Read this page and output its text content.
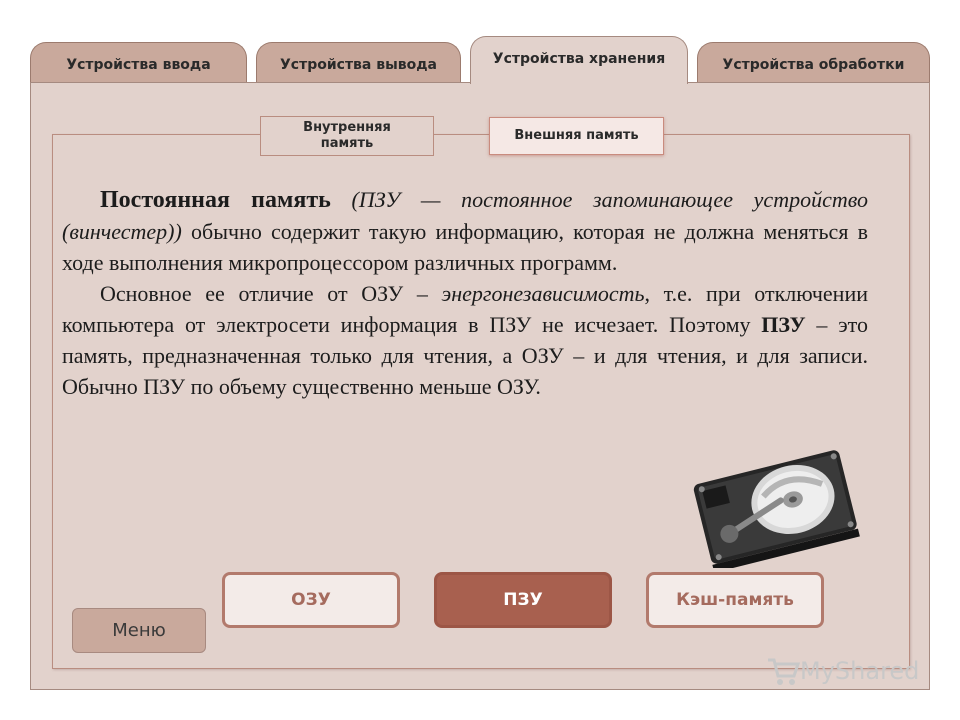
Устройства ввода	Устройства вывода	Устройства хранения	Устройства обработки
Внутренняя память
Внешняя память

Постоянная память (ПЗУ — постоянное запоминающее устройство (винчестер)) обычно содержит такую информацию, которая не должна меняться в ходе выполнения микропроцессором различных программ.

Основное ее отличие от ОЗУ – энергонезависимость, т.е. при отключении компьютера от электросети информация в ПЗУ не исчезает. Поэтому ПЗУ – это память, предназначенная только для чтения, а ОЗУ – и для чтения, и для записи. Обычно ПЗУ по объему существенно меньше ОЗУ.

ОЗУ	ПЗУ	Кэш-память
Меню
MyShared
